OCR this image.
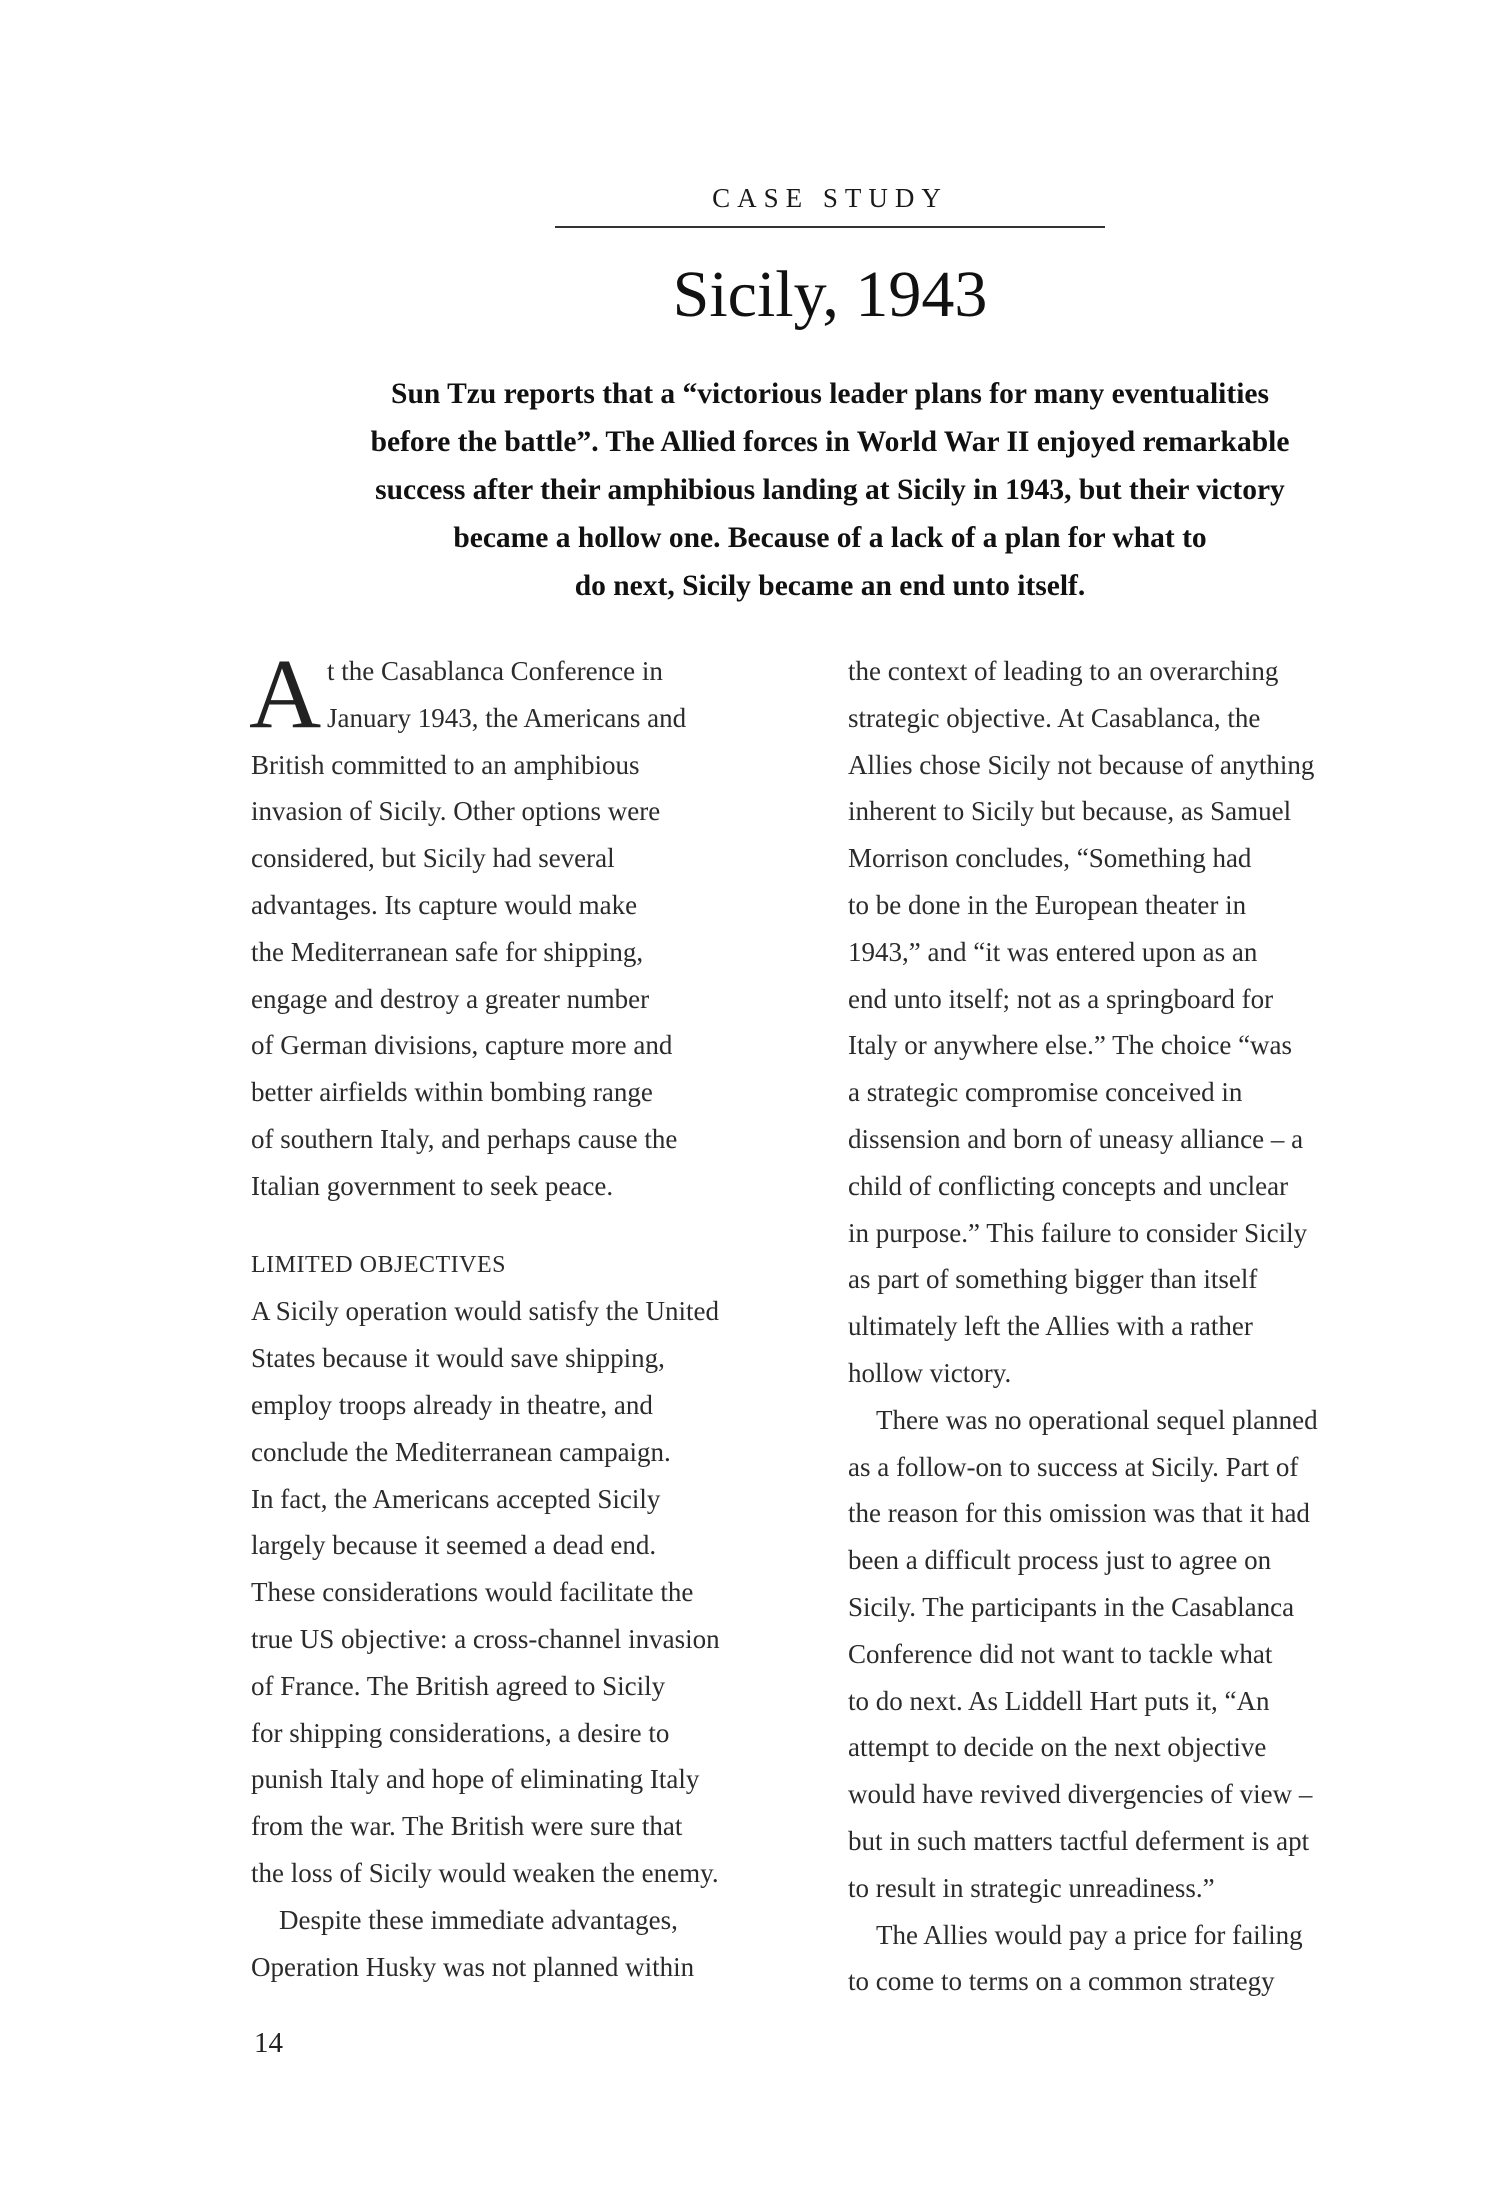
CASE STUDY
Sicily, 1943
Sun Tzu reports that a “victorious leader plans for many eventualities
before the battle”. The Allied forces in World War II enjoyed remarkable
success after their amphibious landing at Sicily in 1943, but their victory
became a hollow one. Because of a lack of a plan for what to
do next, Sicily became an end unto itself.
A t the Casablanca Conference in
January 1943, the Americans and
British committed to an amphibious
invasion of Sicily. Other options were
considered, but Sicily had several
advantages. Its capture would make
the Mediterranean safe for shipping,
engage and destroy a greater number
of German divisions, capture more and
better airfields within bombing range
of southern Italy, and perhaps cause the
Italian government to seek peace.
LIMITED OBJECTIVES
A Sicily operation would satisfy the United
States because it would save shipping,
employ troops already in theatre, and
conclude the Mediterranean campaign.
In fact, the Americans accepted Sicily
largely because it seemed a dead end.
These considerations would facilitate the
true US objective: a cross-channel invasion
of France. The British agreed to Sicily
for shipping considerations, a desire to
punish Italy and hope of eliminating Italy
from the war. The British were sure that
the loss of Sicily would weaken the enemy.
Despite these immediate advantages,
Operation Husky was not planned within
the context of leading to an overarching
strategic objective. At Casablanca, the
Allies chose Sicily not because of anything
inherent to Sicily but because, as Samuel
Morrison concludes, “Something had
to be done in the European theater in
1943,” and “it was entered upon as an
end unto itself; not as a springboard for
Italy or anywhere else.” The choice “was
a strategic compromise conceived in
dissension and born of uneasy alliance – a
child of conflicting concepts and unclear
in purpose.” This failure to consider Sicily
as part of something bigger than itself
ultimately left the Allies with a rather
hollow victory.
There was no operational sequel planned
as a follow-on to success at Sicily. Part of
the reason for this omission was that it had
been a difficult process just to agree on
Sicily. The participants in the Casablanca
Conference did not want to tackle what
to do next. As Liddell Hart puts it, “An
attempt to decide on the next objective
would have revived divergencies of view –
but in such matters tactful deferment is apt
to result in strategic unreadiness.”
The Allies would pay a price for failing
to come to terms on a common strategy
14
